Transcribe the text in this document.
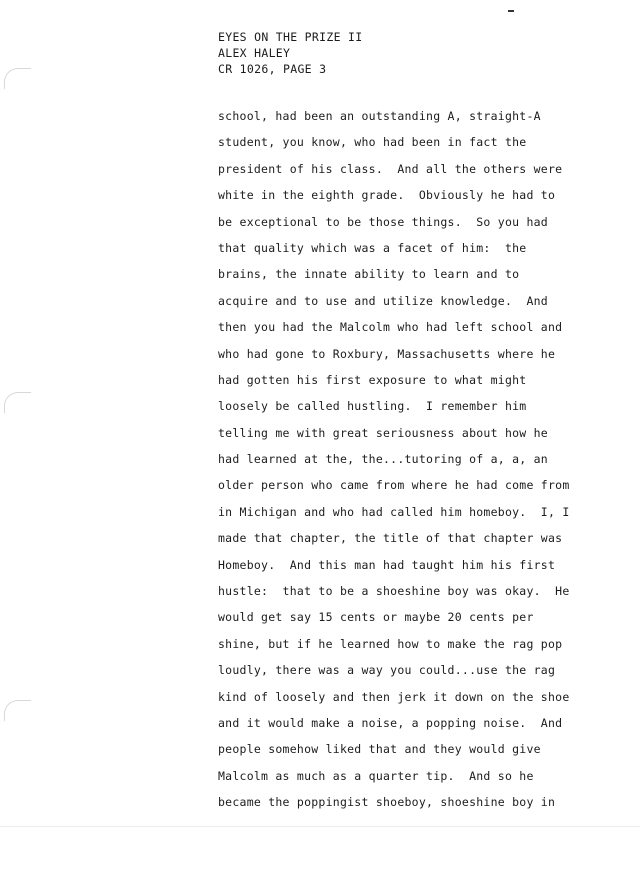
EYES ON THE PRIZE II
ALEX HALEY
CR 1026, PAGE 3
school, had been an outstanding A, straight-A
student, you know, who had been in fact the
president of his class.  And all the others were
white in the eighth grade.  Obviously he had to
be exceptional to be those things.  So you had
that quality which was a facet of him:  the
brains, the innate ability to learn and to
acquire and to use and utilize knowledge.  And
then you had the Malcolm who had left school and
who had gone to Roxbury, Massachusetts where he
had gotten his first exposure to what might
loosely be called hustling.  I remember him
telling me with great seriousness about how he
had learned at the, the...tutoring of a, a, an
older person who came from where he had come from
in Michigan and who had called him homeboy.  I, I
made that chapter, the title of that chapter was
Homeboy.  And this man had taught him his first
hustle:  that to be a shoeshine boy was okay.  He
would get say 15 cents or maybe 20 cents per
shine, but if he learned how to make the rag pop
loudly, there was a way you could...use the rag
kind of loosely and then jerk it down on the shoe
and it would make a noise, a popping noise.  And
people somehow liked that and they would give
Malcolm as much as a quarter tip.  And so he
became the poppingist shoeboy, shoeshine boy in
